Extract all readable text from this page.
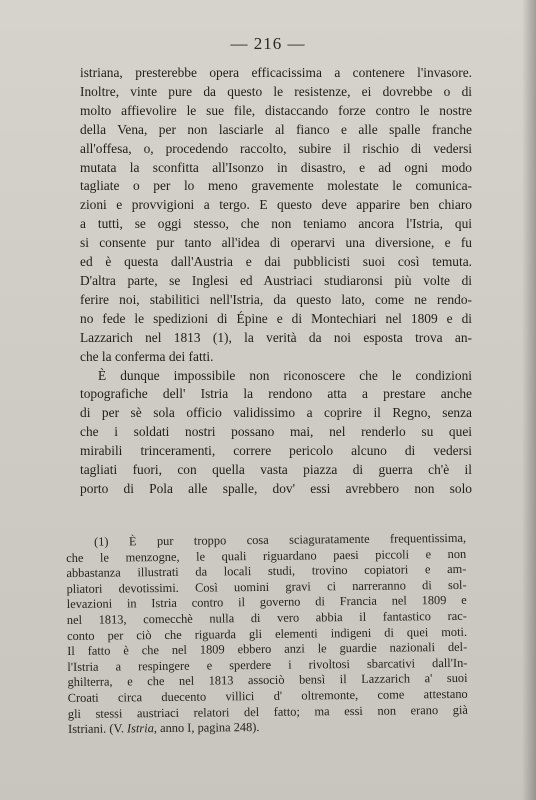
— 216 —
istriana, presterebbe opera efficacissima a contenere l'invasore.
Inoltre, vinte pure da questo le resistenze, ei dovrebbe o di
molto affievolire le sue file, distaccando forze contro le nostre
della Vena, per non lasciarle al fianco e alle spalle franche
all'offesa, o, procedendo raccolto, subire il rischio di vedersi
mutata la sconfitta all'Isonzo in disastro, e ad ogni modo
tagliate o per lo meno gravemente molestate le comunica-
zioni e provvigioni a tergo. E questo deve apparire ben chiaro
a tutti, se oggi stesso, che non teniamo ancora l'Istria, qui
si consente pur tanto all'idea di operarvi una diversione, e fu
ed è questa dall'Austria e dai pubblicisti suoi così temuta.
D'altra parte, se Inglesi ed Austriaci studiaronsi più volte di
ferire noi, stabilitici nell'Istria, da questo lato, come ne rendo-
no fede le spedizioni di Épine e di Montechiari nel 1809 e di
Lazzarich nel 1813 (1), la verità da noi esposta trova an-
che la conferma dei fatti.
È dunque impossibile non riconoscere che le condizioni
topografiche dell' Istria la rendono atta a prestare anche
di per sè sola officio validissimo a coprire il Regno, senza
che i soldati nostri possano mai, nel renderlo su quei
mirabili trinceramenti, correre pericolo alcuno di vedersi
tagliati fuori, con quella vasta piazza di guerra ch'è il
porto di Pola alle spalle, dov' essi avrebbero non solo
(1) È pur troppo cosa sciaguratamente frequentissima,
che le menzogne, le quali riguardano paesi piccoli e non
abbastanza illustrati da locali studi, trovino copiatori e am-
pliatori devotissimi. Così uomini gravi ci narreranno di sol-
levazioni in Istria contro il governo di Francia nel 1809 e
nel 1813, comecchè nulla di vero abbia il fantastico rac-
conto per ciò che riguarda gli elementi indigeni di quei moti.
Il fatto è che nel 1809 ebbero anzi le guardie nazionali del-
l'Istria a respingere e sperdere i rivoltosi sbarcativi dall'In-
ghilterra, e che nel 1813 associò bensì il Lazzarich a' suoi
Croati circa duecento villici d' oltremonte, come attestano
gli stessi austriaci relatori del fatto; ma essi non erano già
Istriani. (V. Istria, anno I, pagina 248).
